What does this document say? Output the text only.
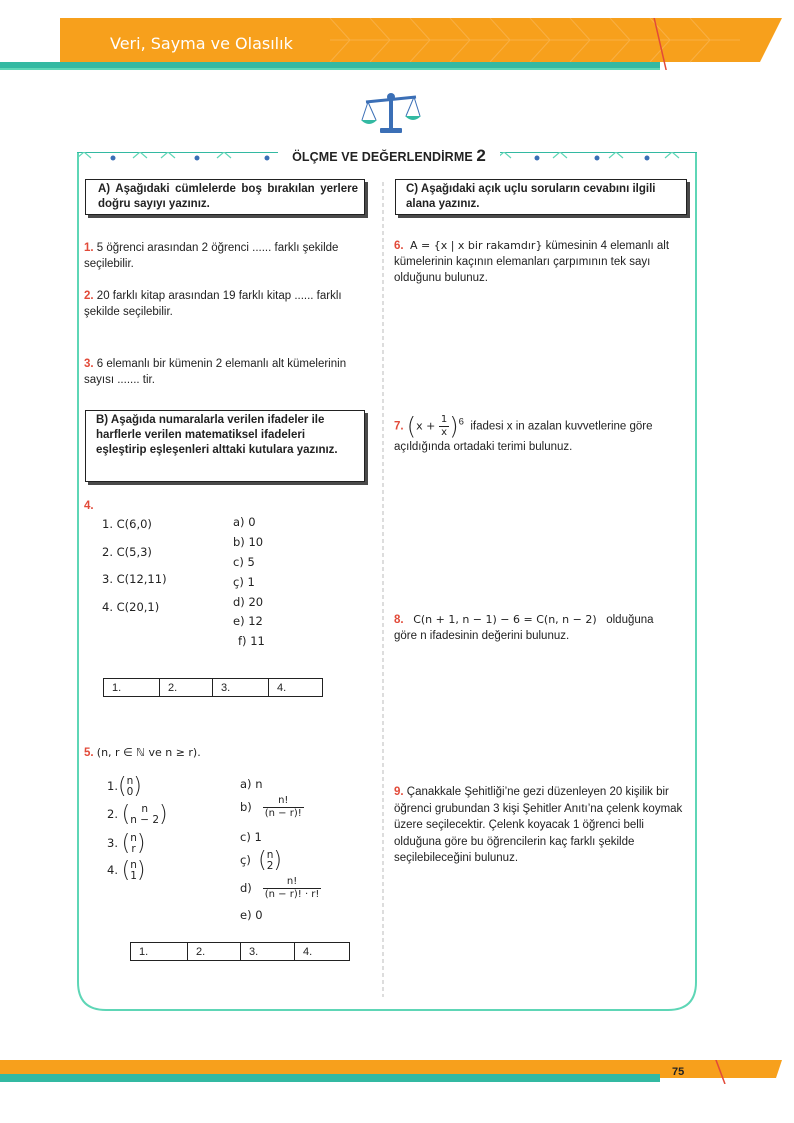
Veri, Sayma ve Olasılık
ÖLÇME VE DEĞERLENDİRME 2
A) Aşağıdaki cümlelerde boş bırakılan yerlere doğru sayıyı yazınız.
1. 5 öğrenci arasından 2 öğrenci ...... farklı şekilde seçilebilir.
2. 20 farklı kitap arasından 19 farklı kitap ...... farklı şekilde seçilebilir.
3. 6 elemanlı bir kümenin 2 elemanlı alt kümelerinin sayısı ....... tir.
B) Aşağıda numaralarla verilen ifadeler ile harflerle verilen matematiksel ifadeleri eşleştirip eşleşenleri alttaki kutulara yazınız.
4.
1. C(6,0)
2. C(5,3)
3. C(12,11)
4. C(20,1)
a) 0
b) 10
c) 5
ç) 1
d) 20
e) 12
f) 11
1.	2.	3.	4.
5. (n, r ∈ ℕ ve n ≥ r).
1.( n
0 )
2. (	n
n − 2 )
3. ( n
r )
4. ( n
1 )
a) n
$b) \frac{n!}{(n - r)!}$
c) 1
ç) ( n
2 )
$d) \frac{n!}{(n - r)! \cdot r!}$
e) 0
1.	2.	3.	4.
C) Aşağıdaki açık uçlu soruların cevabını ilgili alana yazınız.
6. A = {x | x bir rakamdır} kümesinin 4 elemanlı alt kümelerinin kaçının elemanları çarpımının tek sayı olduğunu bulunuz.
7. $(x + \frac{1}{x} )^6$ ifadesi x in azalan kuvvetlerine göre açıldığında ortadaki terimi bulunuz.
8. C(n + 1, n − 1) − 6 = C(n, n − 2) olduğuna
göre n ifadesinin değerini bulunuz.
9. Çanakkale Şehitliği’ne gezi düzenleyen 20 kişilik bir öğrenci grubundan 3 kişi Şehitler Anıtı’na çelenk koymak üzere seçilecektir. Çelenk koyacak 1 öğrenci belli olduğuna göre bu öğrencilerin kaç farklı şekilde seçilebileceğini bulunuz.
75
